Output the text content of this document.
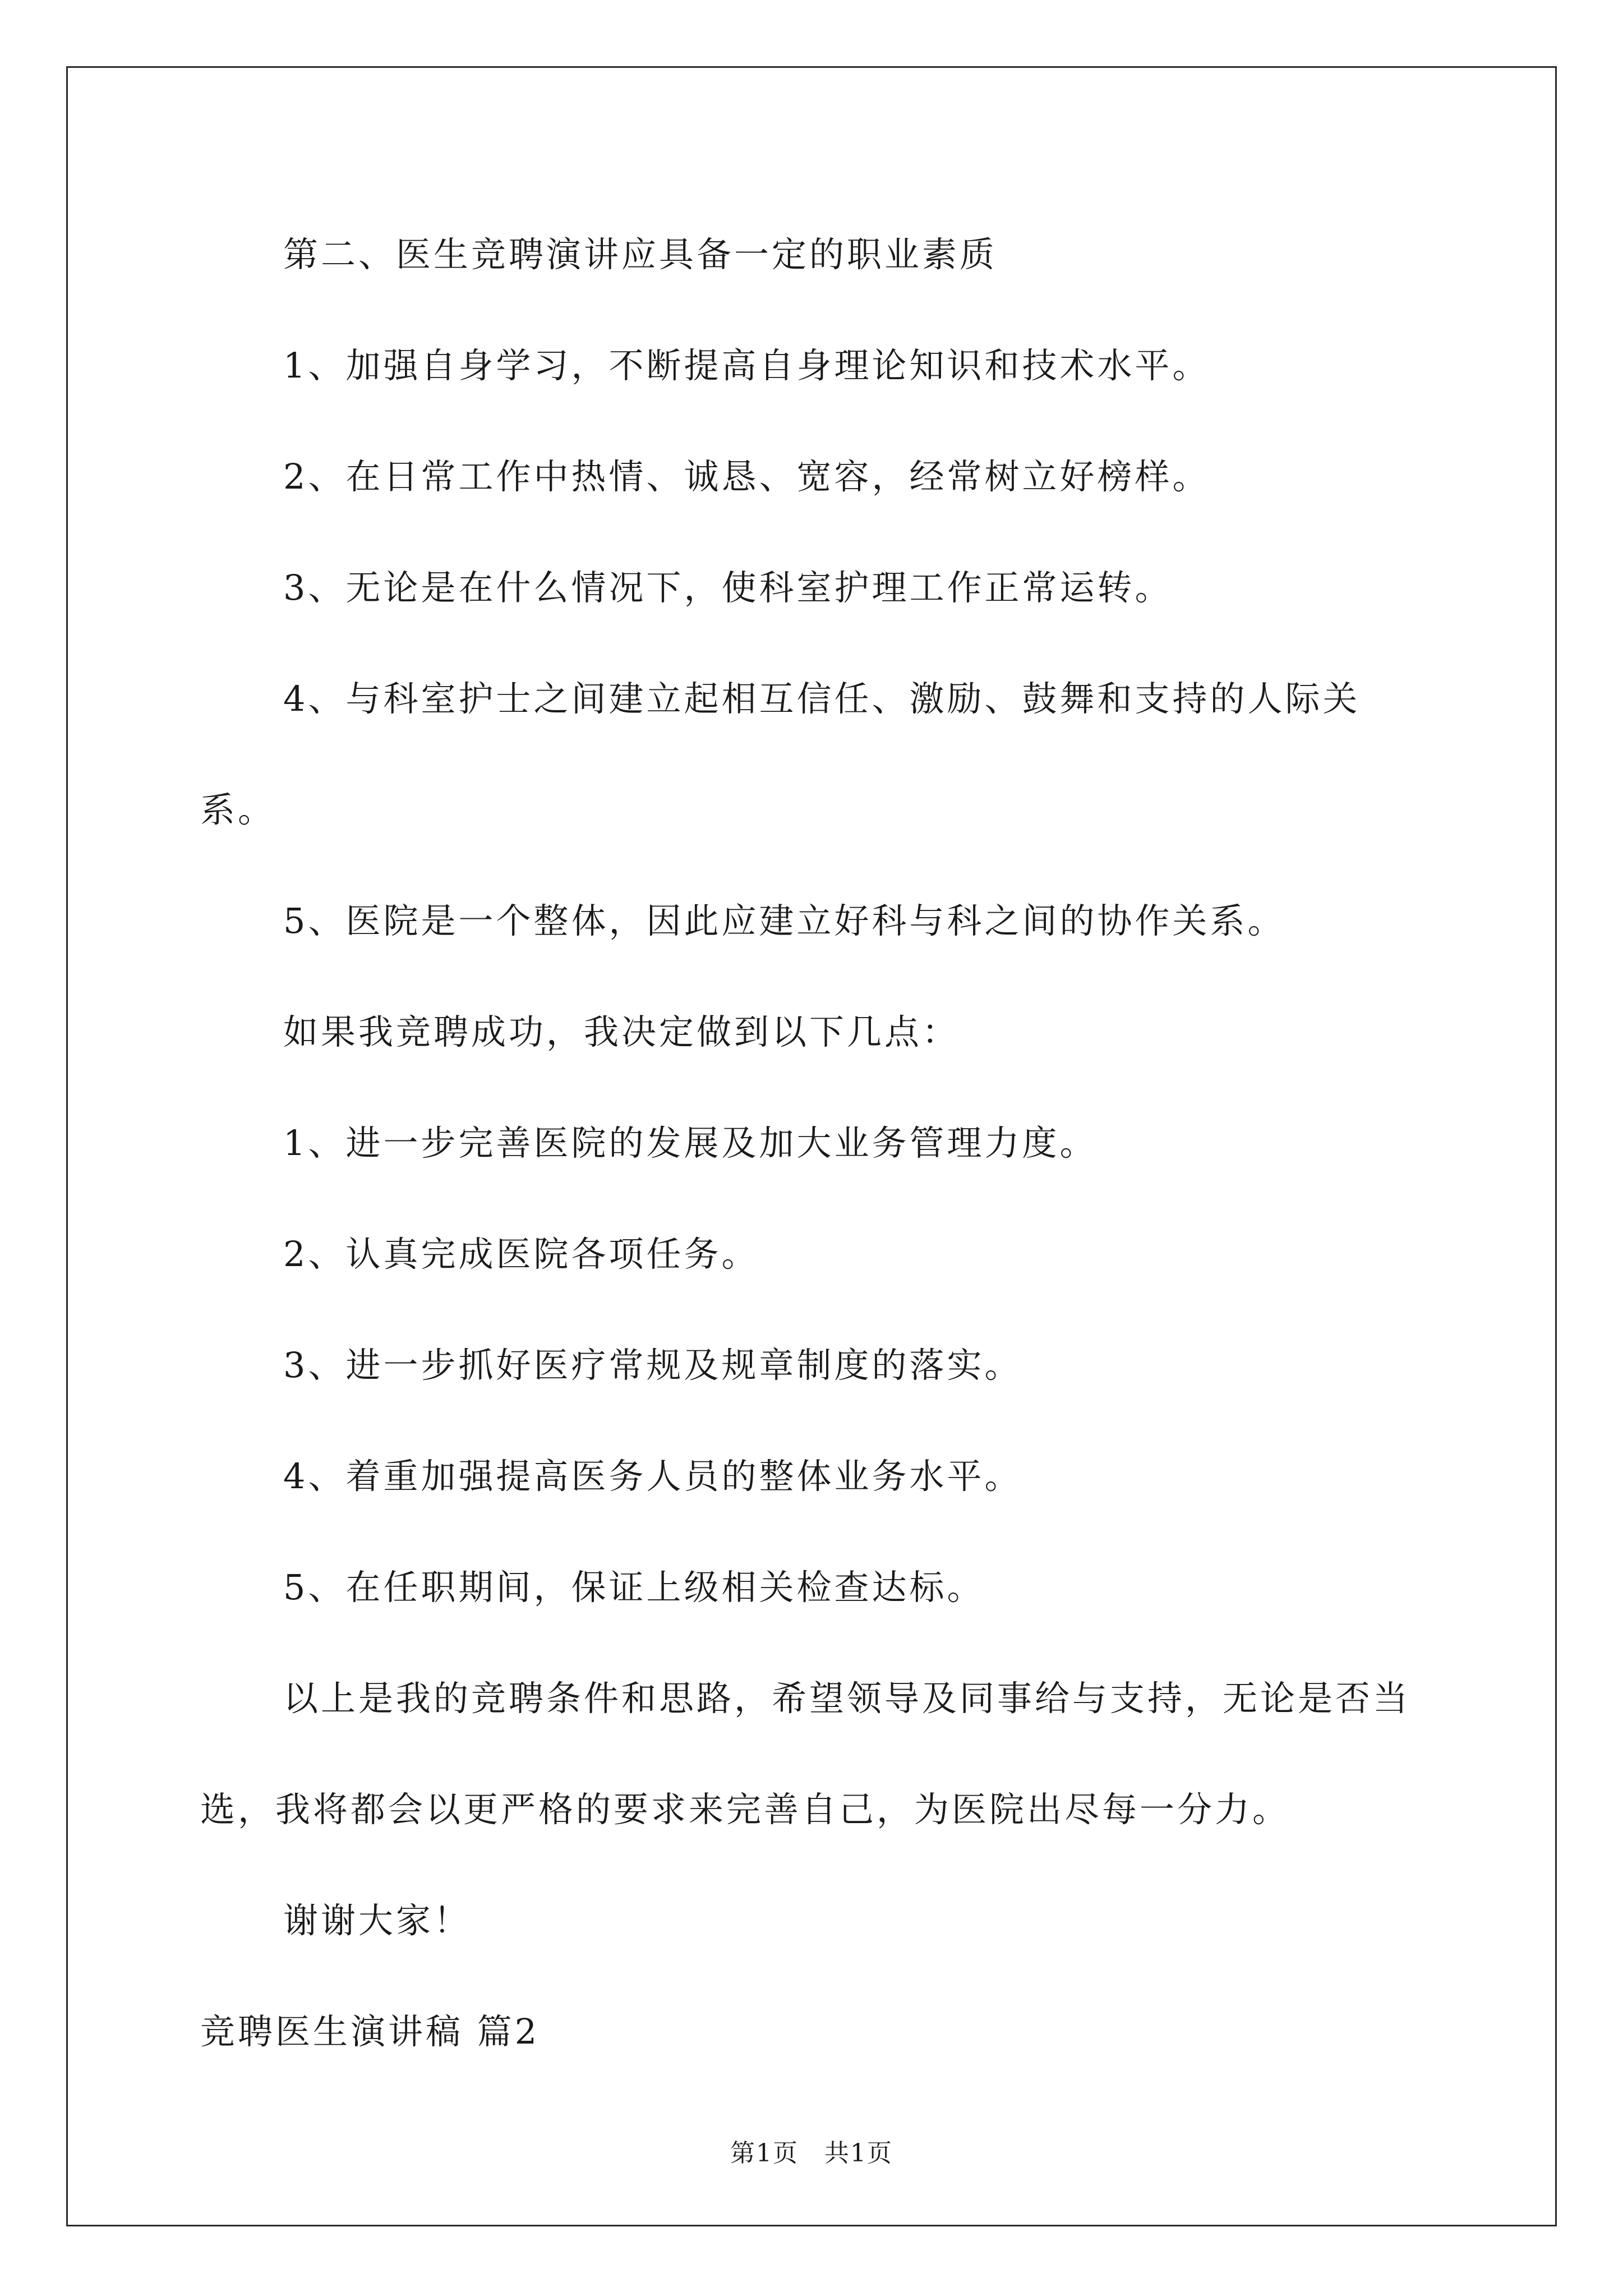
第二、医生竞聘演讲应具备一定的职业素质

1、加强自身学习，不断提高自身理论知识和技术水平。

2、在日常工作中热情、诚恳、宽容，经常树立好榜样。

3、无论是在什么情况下，使科室护理工作正常运转。

4、与科室护士之间建立起相互信任、激励、鼓舞和支持的人际关系。

5、医院是一个整体，因此应建立好科与科之间的协作关系。

如果我竞聘成功，我决定做到以下几点：

1、进一步完善医院的发展及加大业务管理力度。

2、认真完成医院各项任务。

3、进一步抓好医疗常规及规章制度的落实。

4、着重加强提高医务人员的整体业务水平。

5、在任职期间，保证上级相关检查达标。

以上是我的竞聘条件和思路，希望领导及同事给与支持，无论是否当选，我将都会以更严格的要求来完善自己，为医院出尽每一分力。

谢谢大家！

竞聘医生演讲稿 篇2

第1页　共1页
